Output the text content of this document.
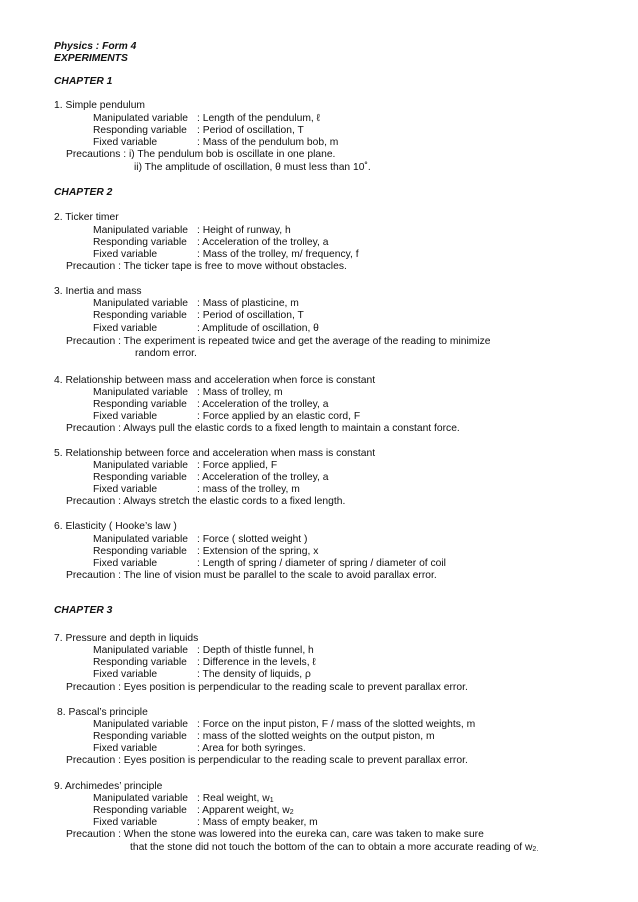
Physics : Form 4
EXPERIMENTS
CHAPTER 1
1. Simple pendulum
Manipulated variable : Length of the pendulum, ℓ
Responding variable : Period of oscillation, T
Fixed variable	: Mass of the pendulum bob, m
Precautions : i) The pendulum bob is oscillate in one plane.
ii) The amplitude of oscillation, θ must less than 10˚.
CHAPTER 2
2. Ticker timer
Manipulated variable : Height of runway, h
Responding variable : Acceleration of the trolley, a
Fixed variable	: Mass of the trolley, m/ frequency, f
Precaution : The ticker tape is free to move without obstacles.
3. Inertia and mass
Manipulated variable : Mass of plasticine, m
Responding variable : Period of oscillation, T
Fixed variable	: Amplitude of oscillation, θ
Precaution : The experiment is repeated twice and get the average of the reading to minimize
random error.
4. Relationship between mass and acceleration when force is constant
Manipulated variable : Mass of trolley, m
Responding variable : Acceleration of the trolley, a
Fixed variable	: Force applied by an elastic cord, F
Precaution : Always pull the elastic cords to a fixed length to maintain a constant force.
5. Relationship between force and acceleration when mass is constant
Manipulated variable : Force applied, F
Responding variable : Acceleration of the trolley, a
Fixed variable	: mass of the trolley, m
Precaution : Always stretch the elastic cords to a fixed length.
6. Elasticity ( Hooke’s law )
Manipulated variable : Force ( slotted weight )
Responding variable : Extension of the spring, x
Fixed variable	: Length of spring / diameter of spring / diameter of coil
Precaution : The line of vision must be parallel to the scale to avoid parallax error.
CHAPTER 3
7. Pressure and depth in liquids
Manipulated variable : Depth of thistle funnel, h
Responding variable : Difference in the levels, ℓ
Fixed variable	: The density of liquids, ρ
Precaution : Eyes position is perpendicular to the reading scale to prevent parallax error.
8. Pascal’s principle
Manipulated variable : Force on the input piston, F / mass of the slotted weights, m
Responding variable : mass of the slotted weights on the output piston, m
Fixed variable	: Area for both syringes.
Precaution : Eyes position is perpendicular to the reading scale to prevent parallax error.
9. Archimedes’ principle
Manipulated variable : Real weight, $w_1$
Responding variable : Apparent weight, $w_2$
Fixed variable	: Mass of empty beaker, m
Precaution : When the stone was lowered into the eureka can, care was taken to make sure
that the stone did not touch the bottom of the can to obtain a more accurate reading of $w_{2.}$
